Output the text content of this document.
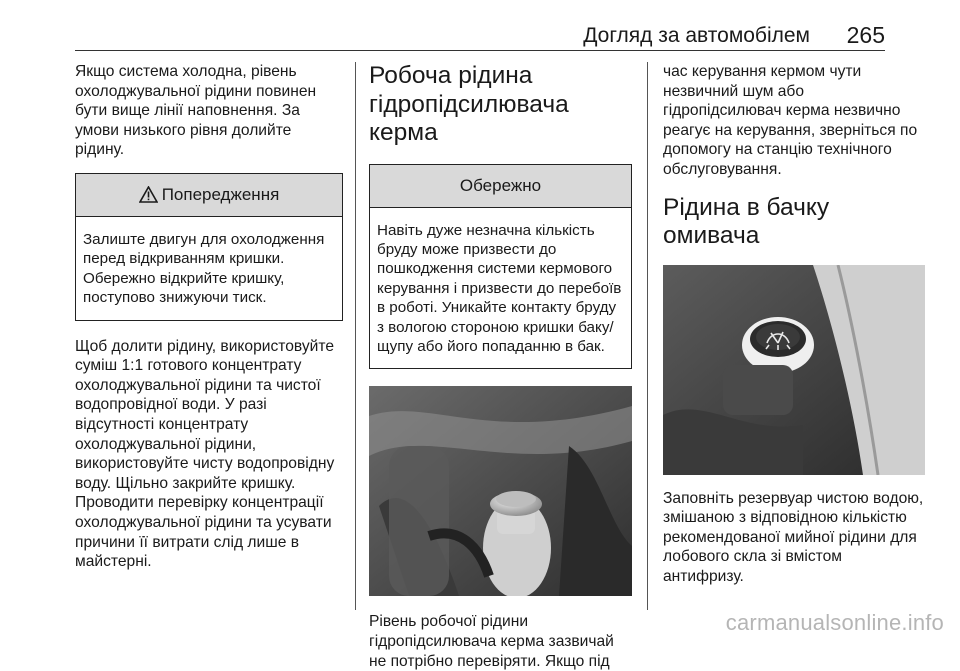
Догляд за автомобілем 265

Якщо система холодна, рівень охолоджувальної рідини повинен бути вище лінії наповнення. За умови низького рівня долийте рідину.

Попередження

Залиште двигун для охолодження перед відкриванням кришки. Обережно відкрийте кришку, поступово знижуючи тиск.

Щоб долити рідину, використовуйте суміш 1:1 готового концентрату охолоджувальної рідини та чистої водопровідної води. У разі відсутності концентрату охолоджувальної рідини, використовуйте чисту водопровідну воду. Щільно закрийте кришку. Проводити перевірку концентрації охолоджувальної рідини та усувати причини її витрати слід лише в майстерні.

Робоча рідина гідропідсилювача керма
Обережно

Навіть дуже незначна кількість бруду може призвести до пошкодження системи кермового керування і призвести до перебоїв в роботі. Уникайте контакту бруду з вологою стороною кришки баку/щупу або його попаданню в бак.

Рівень робочої рідини гідропідсилювача керма зазвичай не потрібно перевіряти. Якщо під

час керування кермом чути незвичний шум або гідропідсилювач керма незвично реагує на керування, зверніться по допомогу на станцію технічного обслуговування.

Рідина в бачку омивача

Заповніть резервуар чистою водою, змішаною з відповідною кількістю рекомендованої мийної рідини для лобового скла зі вмістом антифризу.

carmanualsonline.info
